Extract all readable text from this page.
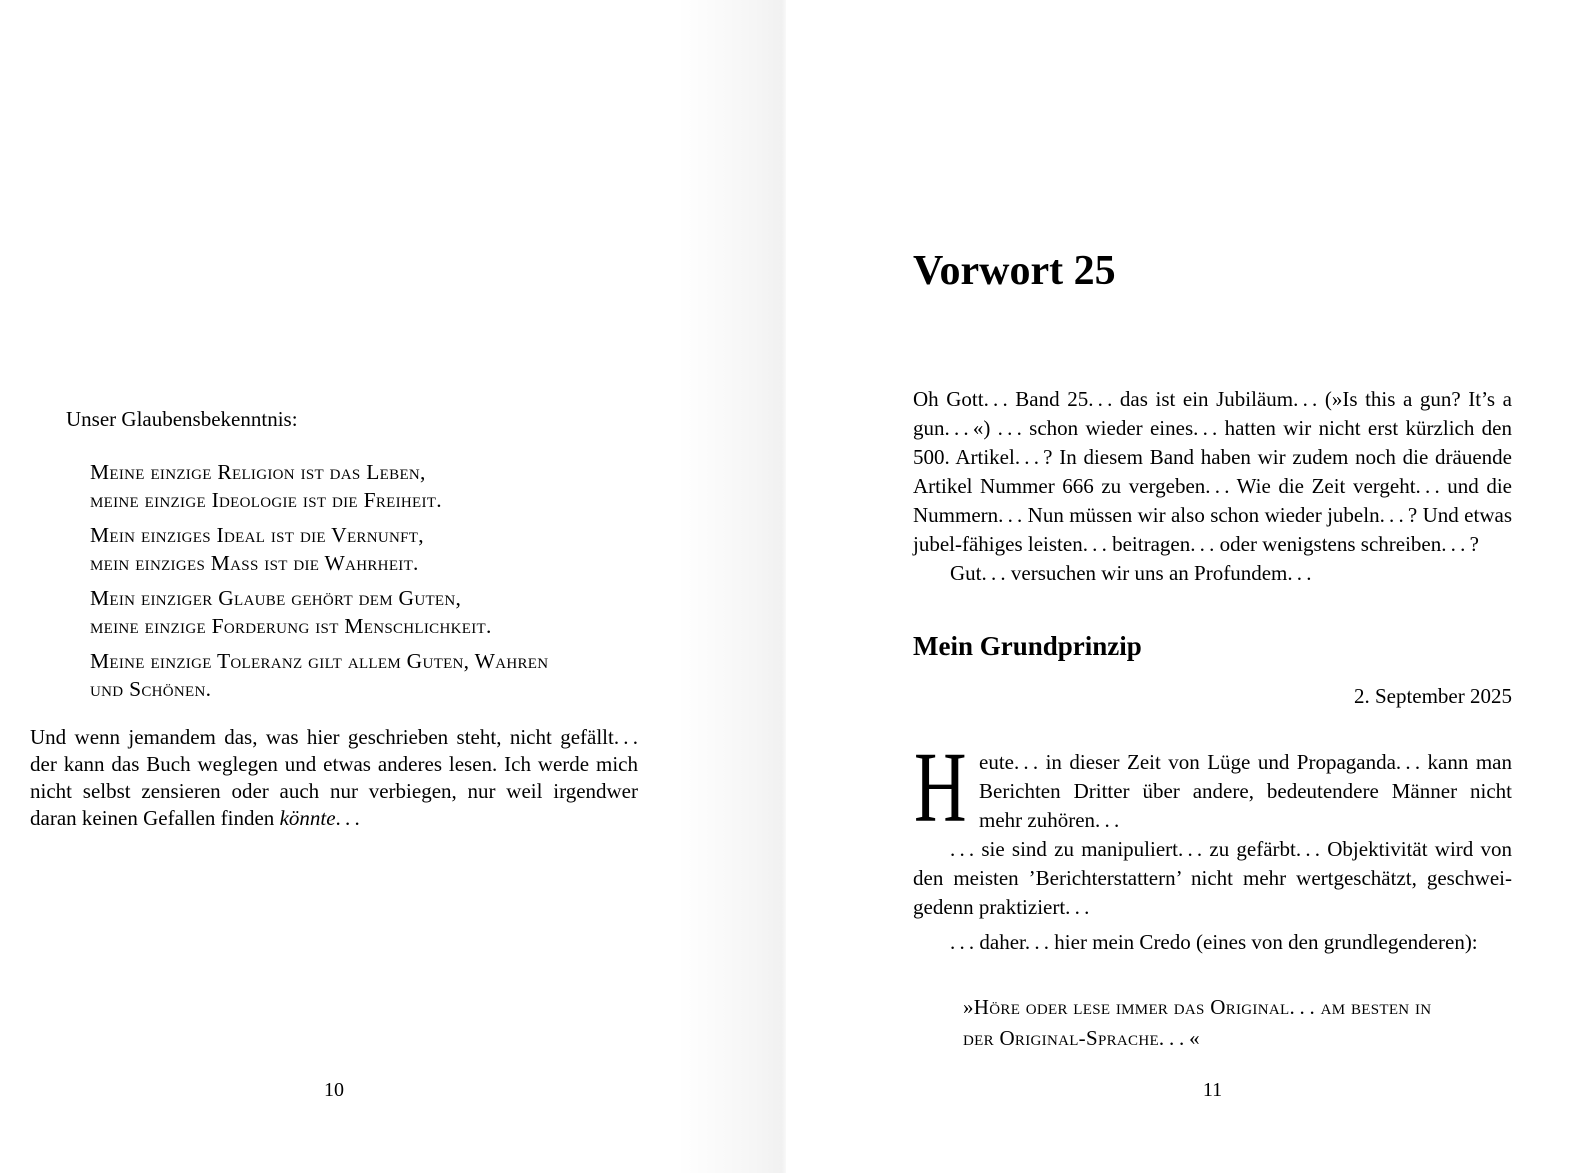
Unser Glaubensbekenntnis:
Meine einzige Religion ist das Leben,
meine einzige Ideologie ist die Freiheit.
Mein einziges Ideal ist die Vernunft,
mein einziges Mass ist die Wahrheit.
Mein einziger Glaube gehört dem Guten,
meine einzige Forderung ist Menschlichkeit.
Meine einzige Toleranz gilt allem Guten, Wahren
und Schönen.
Und wenn jemandem das, was hier geschrieben steht, nicht gefällt. . . der kann das Buch weglegen und etwas anderes lesen. Ich werde mich nicht selbst zensieren oder auch nur verbiegen, nur weil irgendwer daran keinen Gefallen finden könnte. . .
10
Vorwort 25

Oh Gott. . . Band 25. . . das ist ein Jubiläum. . . (»Is this a gun? It’s a gun. . . «) . . . schon wieder eines. . . hatten wir nicht erst kürzlich den 500. Artikel. . . ? In diesem Band haben wir zudem noch die dräuende Artikel Nummer 666 zu vergeben. . . Wie die Zeit vergeht. . . und die Nummern. . . Nun müssen wir also schon wieder jubeln. . . ? Und etwas jubel-fähiges leisten. . . beitragen. . . oder wenigstens schreiben. . . ?

Gut. . . versuchen wir uns an Profundem. . .

Mein Grundprinzip
2. September 2025
H eute. . . in dieser Zeit von Lüge und Propaganda. . . kann man Berichten Dritter über andere, bedeutendere Männer nicht mehr zuhören. . .

. . . sie sind zu manipuliert. . . zu gefärbt. . . Objektivität wird von den meisten ’Berichterstattern’ nicht mehr wertgeschätzt, geschwei-gedenn praktiziert. . .

. . . daher. . . hier mein Credo (eines von den grundlegenderen):

»Höre oder lese immer das Original. . . am besten in
der Original-Sprache. . . «
11
